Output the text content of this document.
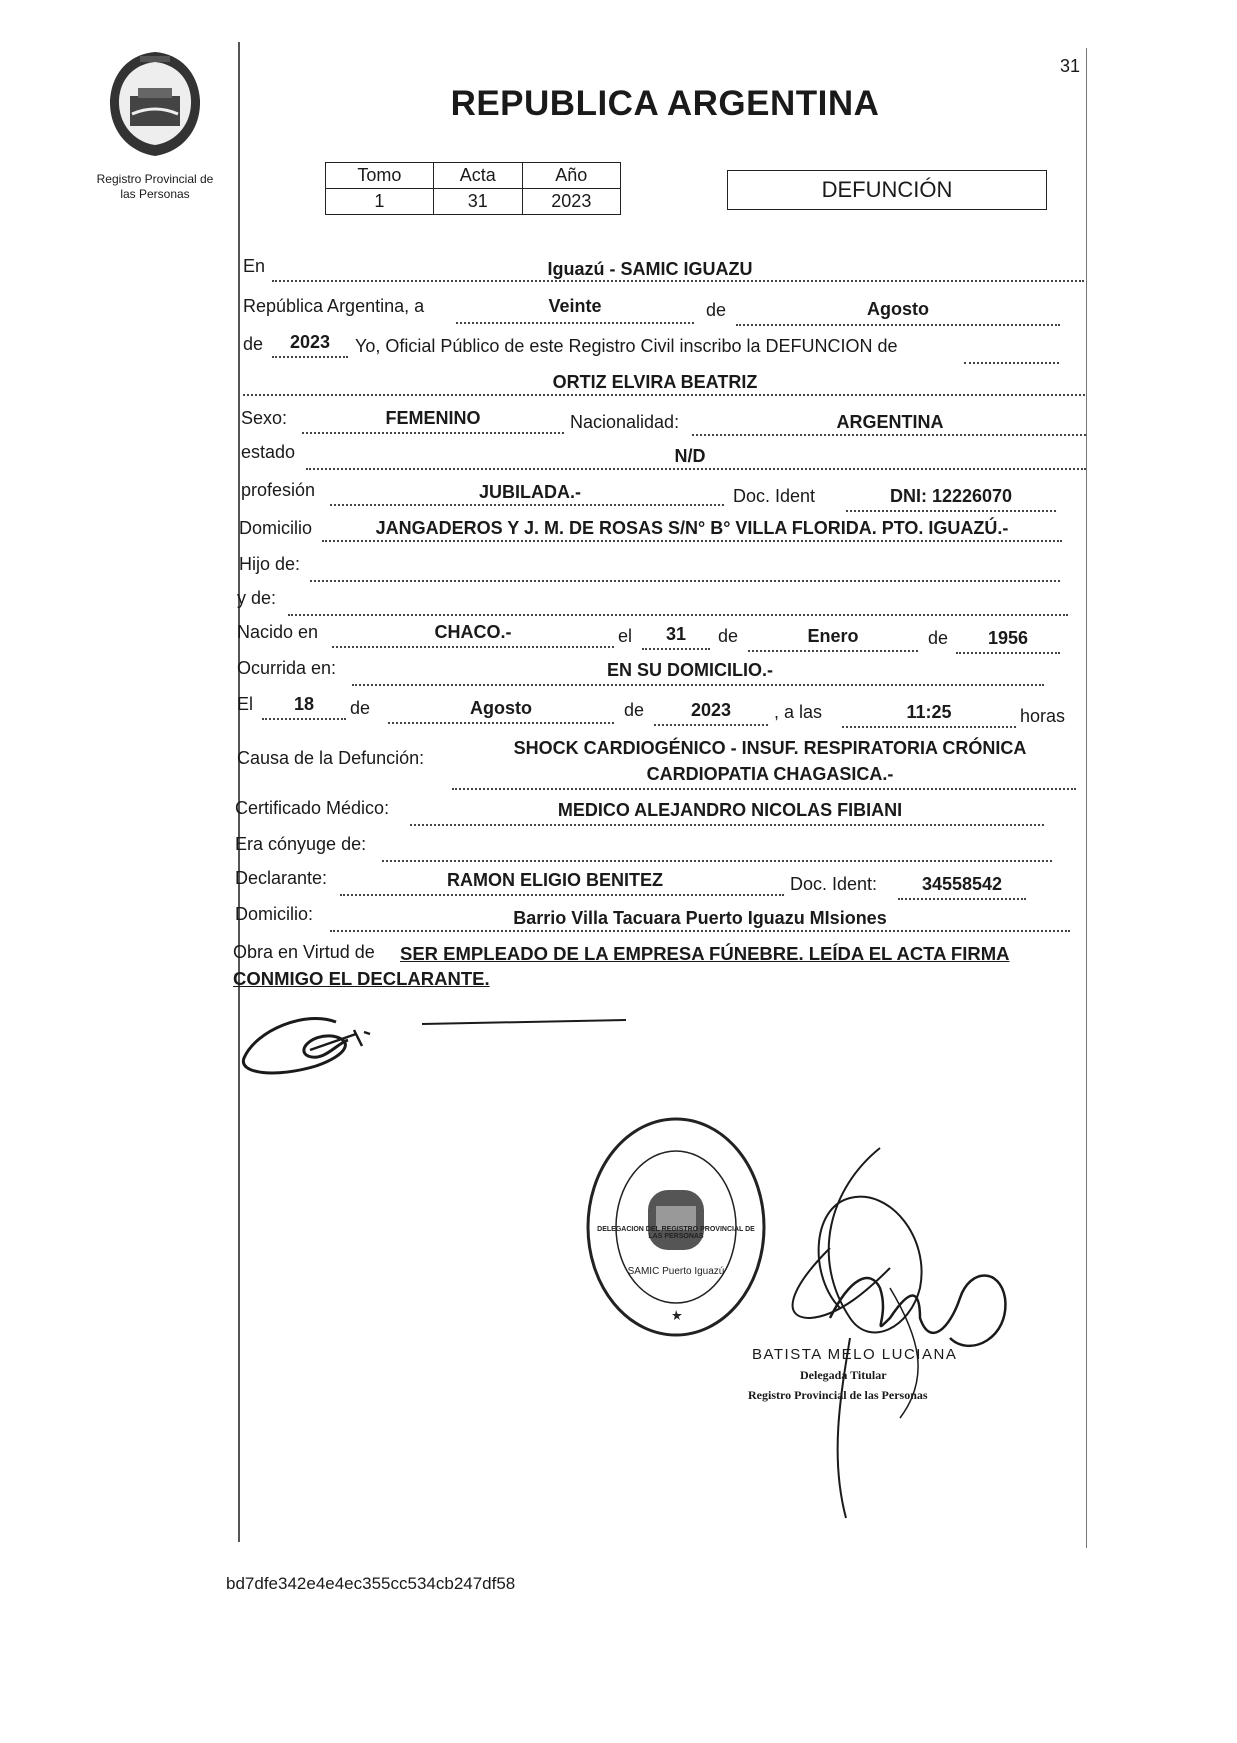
31
Registro Provincial de
las Personas
REPUBLICA ARGENTINA
Tomo	Acta	Año
1	31	2023	DEFUNCIÓN
En	Iguazú - SAMIC IGUAZU
República Argentina, a	Veinte	de	Agosto
de	2023	Yo, Oficial Público de este Registro Civil inscribo la DEFUNCION de
ORTIZ ELVIRA BEATRIZ
Sexo:	FEMENINO	Nacionalidad:	ARGENTINA
estado	N/D
profesión	JUBILADA.-	Doc. Ident	DNI: 12226070
Domicilio	JANGADEROS Y J. M. DE ROSAS S/N° B° VILLA FLORIDA. PTO. IGUAZÚ.-
Hijo de:
y de:
Nacido en	CHACO.-	el	31	de	Enero	de	1956
Ocurrida en:	EN SU DOMICILIO.-
El	18	de	Agosto	de	2023	, a las	11:25	horas
Causa de la Defunción:	SHOCK CARDIOGÉNICO - INSUF. RESPIRATORIA CRÓNICA
CARDIOPATIA CHAGASICA.-
Certificado Médico:	MEDICO ALEJANDRO NICOLAS FIBIANI
Era cónyuge de:
Declarante:	RAMON ELIGIO BENITEZ	Doc. Ident:	34558542
Domicilio:	Barrio Villa Tacuara Puerto Iguazu MIsiones
Obra en Virtud de SER EMPLEADO DE LA EMPRESA FÚNEBRE. LEÍDA EL ACTA FIRMA
CONMIGO EL DECLARANTE.
DELEGACION DEL REGISTRO PROVINCIAL DE LAS PERSONAS
SAMIC Puerto Iguazú
BATISTA MELO LUCIANA
Delegada Titular
Registro Provincial de las Personas
bd7dfe342e4e4ec355cc534cb247df58
